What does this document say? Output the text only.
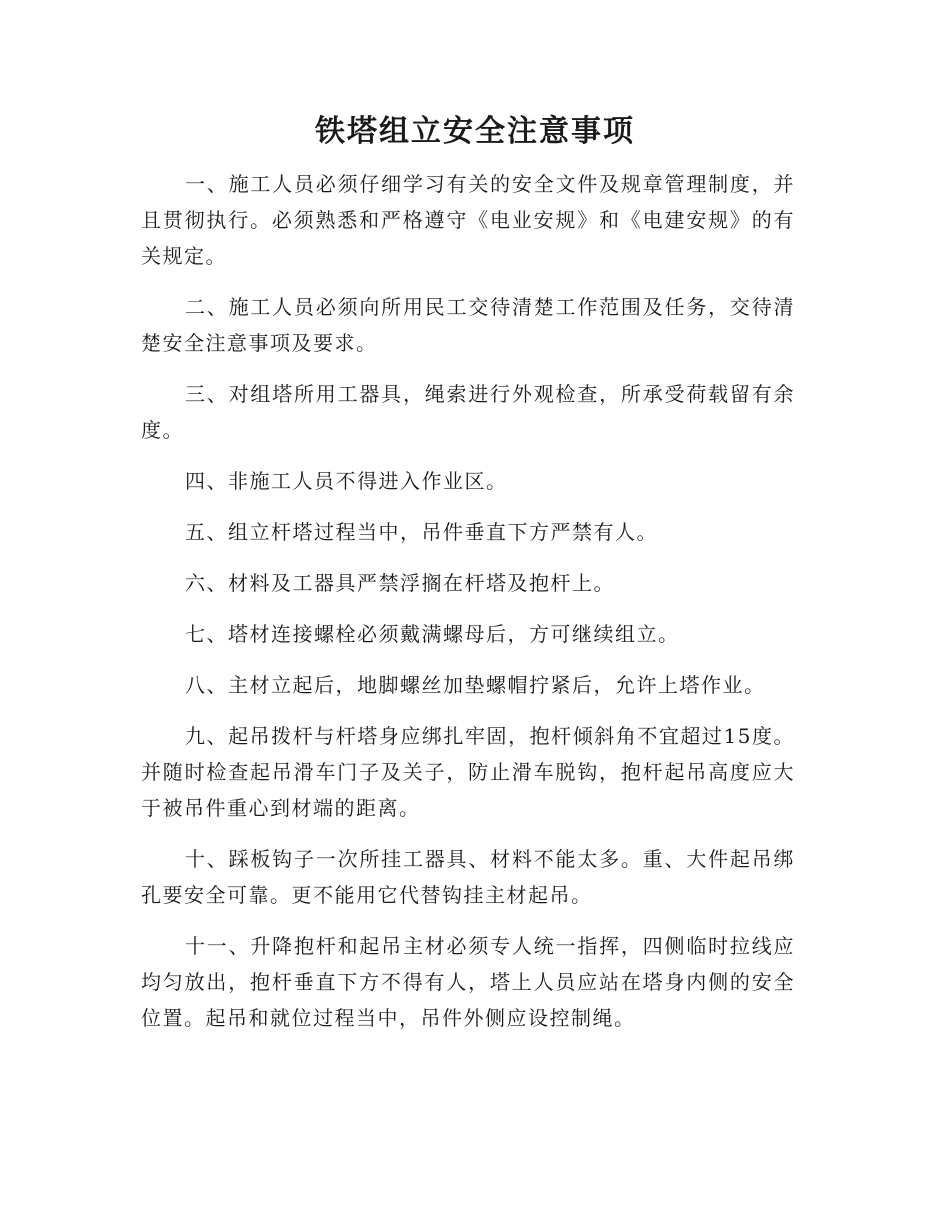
铁塔组立安全注意事项

一、施工人员必须仔细学习有关的安全文件及规章管理制度，并且贯彻执行。必须熟悉和严格遵守《电业安规》和《电建安规》的有关规定。

二、施工人员必须向所用民工交待清楚工作范围及任务，交待清楚安全注意事项及要求。

三、对组塔所用工器具，绳索进行外观检查，所承受荷载留有余度。

四、非施工人员不得进入作业区。

五、组立杆塔过程当中，吊件垂直下方严禁有人。

六、材料及工器具严禁浮搁在杆塔及抱杆上。

七、塔材连接螺栓必须戴满螺母后，方可继续组立。

八、主材立起后，地脚螺丝加垫螺帽拧紧后，允许上塔作业。

九、起吊拨杆与杆塔身应绑扎牢固，抱杆倾斜角不宜超过15度。并随时检查起吊滑车门子及关子，防止滑车脱钩，抱杆起吊高度应大于被吊件重心到材端的距离。

十、踩板钩子一次所挂工器具、材料不能太多。重、大件起吊绑孔要安全可靠。更不能用它代替钩挂主材起吊。

十一、升降抱杆和起吊主材必须专人统一指挥，四侧临时拉线应均匀放出，抱杆垂直下方不得有人，塔上人员应站在塔身内侧的安全位置。起吊和就位过程当中，吊件外侧应设控制绳。
